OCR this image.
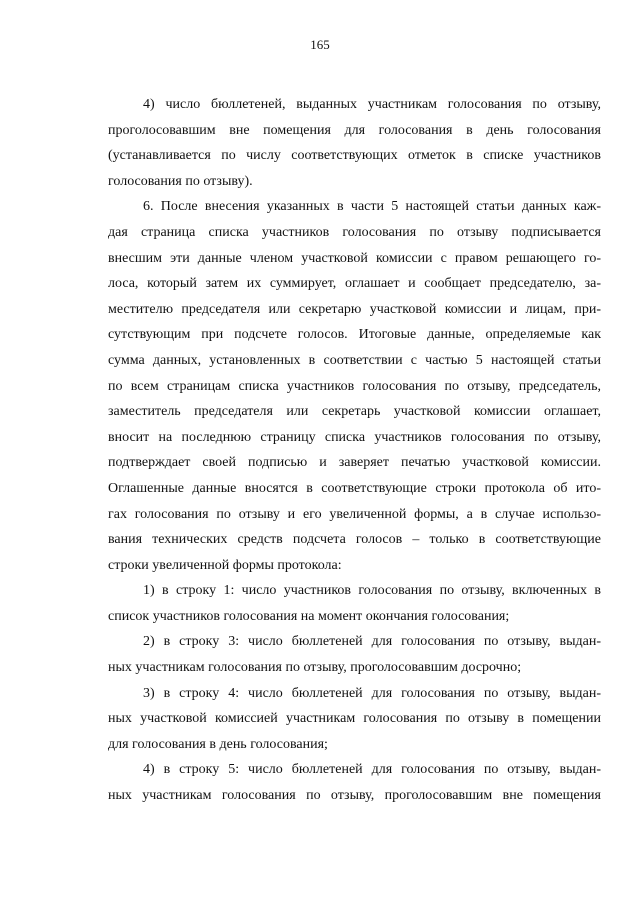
165
4) число бюллетеней, выданных участникам голосования по отзыву,
проголосовавшим вне помещения для голосования в день голосования
(устанавливается по числу соответствующих отметок в списке участников
голосования по отзыву).
6. После внесения указанных в части 5 настоящей статьи данных каж-
дая страница списка участников голосования по отзыву подписывается
внесшим эти данные членом участковой комиссии с правом решающего го-
лоса, который затем их суммирует, оглашает и сообщает председателю, за-
местителю председателя или секретарю участковой комиссии и лицам, при-
сутствующим при подсчете голосов. Итоговые данные, определяемые как
сумма данных, установленных в соответствии с частью 5 настоящей статьи
по всем страницам списка участников голосования по отзыву, председатель,
заместитель председателя или секретарь участковой комиссии оглашает,
вносит на последнюю страницу списка участников голосования по отзыву,
подтверждает своей подписью и заверяет печатью участковой комиссии.
Оглашенные данные вносятся в соответствующие строки протокола об ито-
гах голосования по отзыву и его увеличенной формы, а в случае использо-
вания технических средств подсчета голосов – только в соответствующие
строки увеличенной формы протокола:
1) в строку 1: число участников голосования по отзыву, включенных в
список участников голосования на момент окончания голосования;
2) в строку 3: число бюллетеней для голосования по отзыву, выдан-
ных участникам голосования по отзыву, проголосовавшим досрочно;
3) в строку 4: число бюллетеней для голосования по отзыву, выдан-
ных участковой комиссией участникам голосования по отзыву в помещении
для голосования в день голосования;
4) в строку 5: число бюллетеней для голосования по отзыву, выдан-
ных участникам голосования по отзыву, проголосовавшим вне помещения
